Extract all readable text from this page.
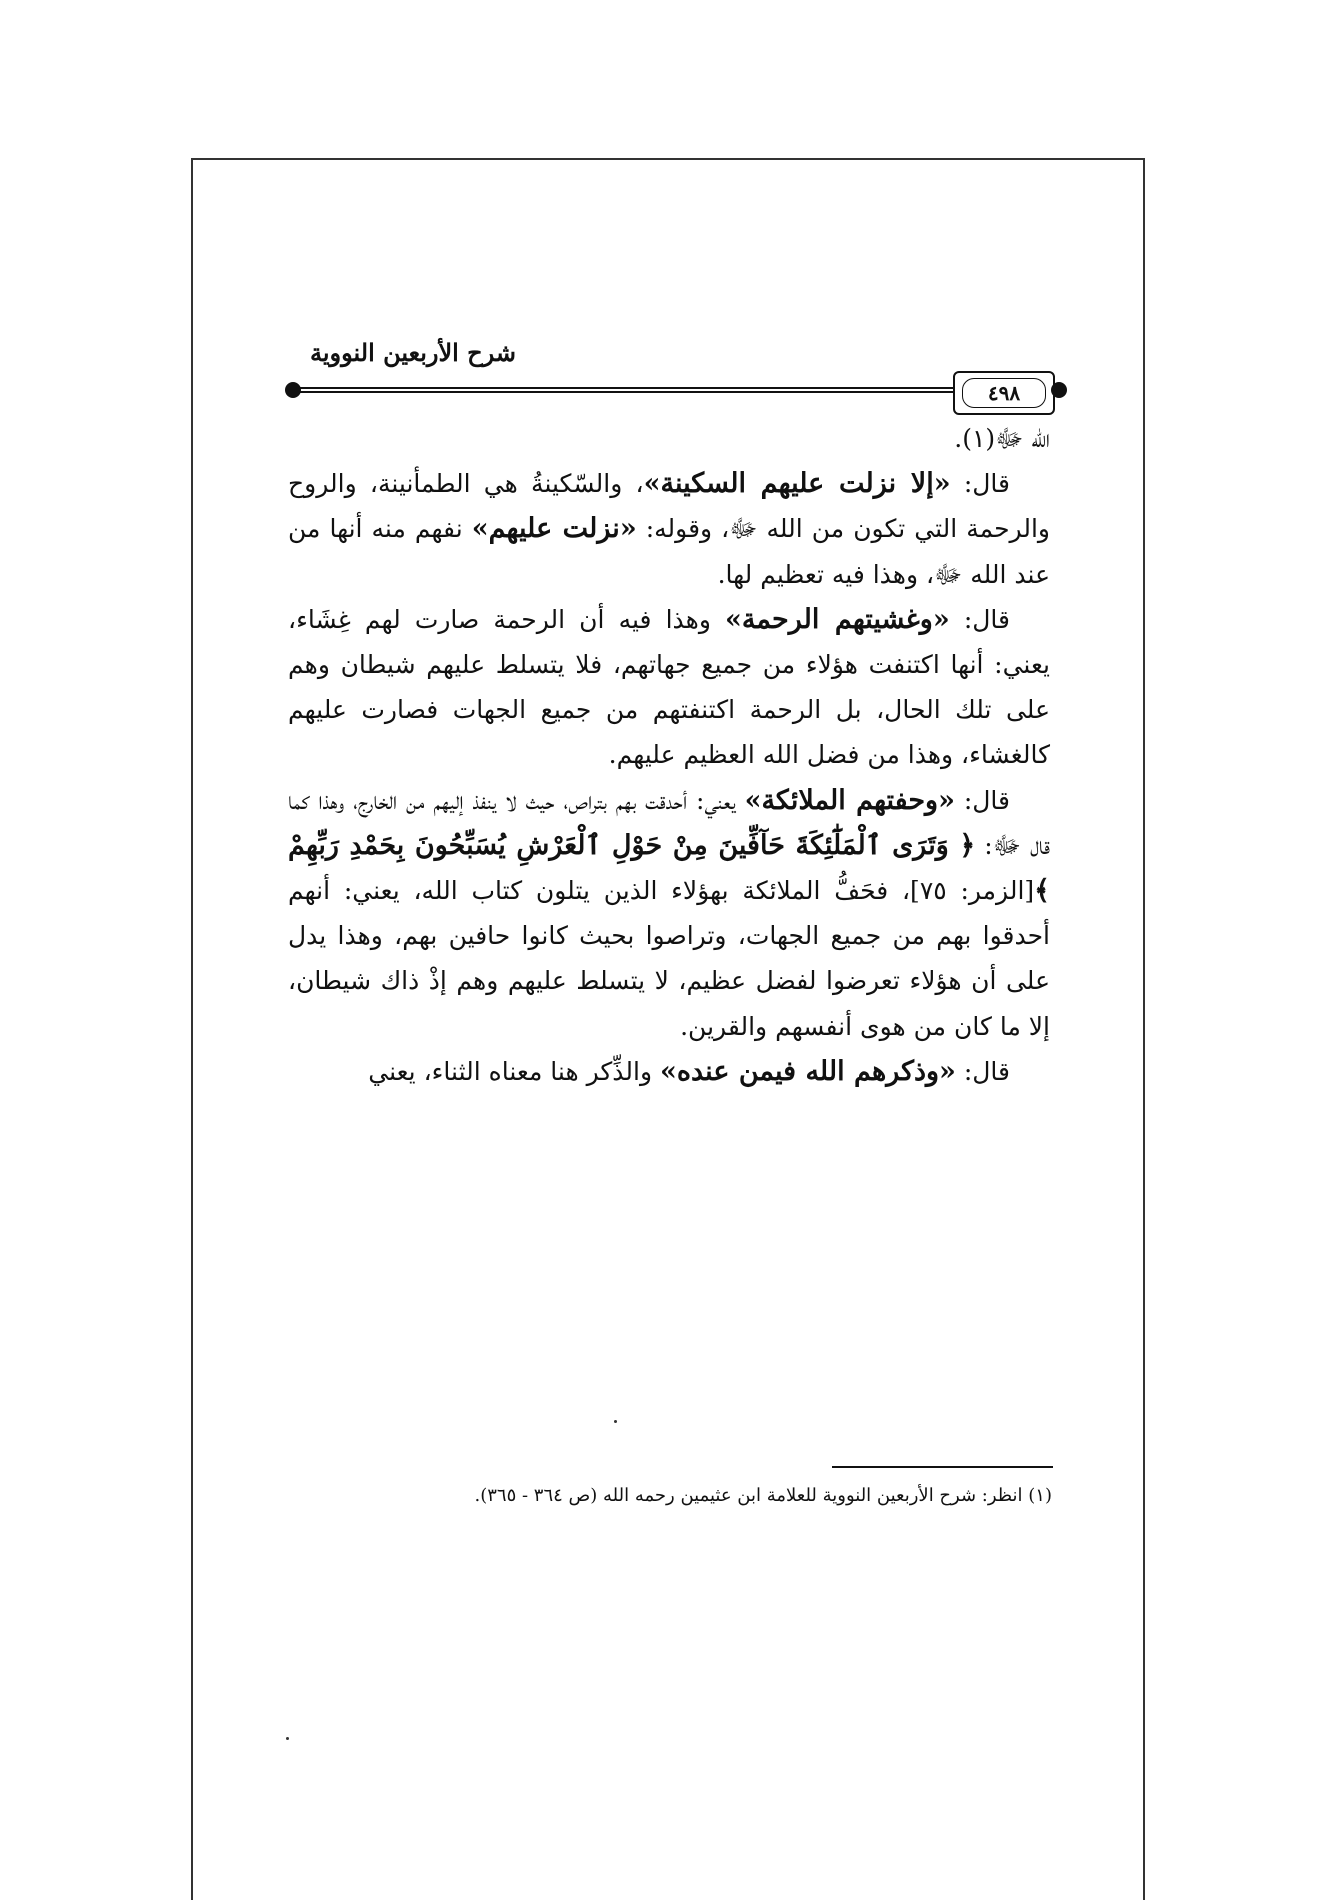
شرح الأربعين النووية
٤٩٨

الله ﷻ(١).

قال: «إلا نزلت عليهم السكينة»، والسّكينةُ هي الطمأنينة، والروح والرحمة التي تكون من الله ﷻ، وقوله: «نزلت عليهم» نفهم منه أنها من عند الله ﷻ، وهذا فيه تعظيم لها.

قال: «وغشيتهم الرحمة» وهذا فيه أن الرحمة صارت لهم غِشَاء، يعني: أنها اكتنفت هؤلاء من جميع جهاتهم، فلا يتسلط عليهم شيطان وهم على تلك الحال، بل الرحمة اكتنفتهم من جميع الجهات فصارت عليهم كالغشاء، وهذا من فضل الله العظيم عليهم.

قال: «وحفتهم الملائكة» يعني: أحدقت بهم بتراص، حيث لا ينفذ إليهم من الخارج، وهذا كما قال ﷻ: ﴿ وَتَرَى ٱلْمَلَٰٓئِكَةَ حَآفِّينَ مِنْ حَوْلِ ٱلْعَرْشِ يُسَبِّحُونَ بِحَمْدِ رَبِّهِمْ ﴾[الزمر: ٧٥]، فحَفُّ الملائكة بهؤلاء الذين يتلون كتاب الله، يعني: أنهم أحدقوا بهم من جميع الجهات، وتراصوا بحيث كانوا حافين بهم، وهذا يدل على أن هؤلاء تعرضوا لفضل عظيم، لا يتسلط عليهم وهم إذْ ذاك شيطان، إلا ما كان من هوى أنفسهم والقرين.

قال: «وذكرهم الله فيمن عنده» والذِّكر هنا معناه الثناء، يعني

(١) انظر: شرح الأربعين النووية للعلامة ابن عثيمين رحمه الله (ص ٣٦٤ - ٣٦٥).
